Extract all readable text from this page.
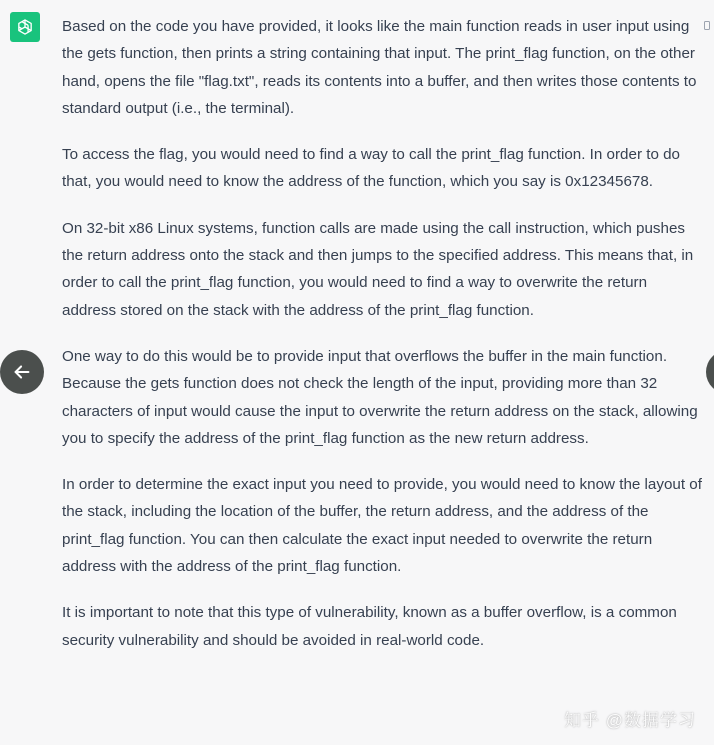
Based on the code you have provided, it looks like the main function reads in user input using the gets function, then prints a string containing that input. The print_flag function, on the other hand, opens the file "flag.txt", reads its contents into a buffer, and then writes those contents to standard output (i.e., the terminal).

To access the flag, you would need to find a way to call the print_flag function. In order to do that, you would need to know the address of the function, which you say is 0x12345678.

On 32-bit x86 Linux systems, function calls are made using the call instruction, which pushes the return address onto the stack and then jumps to the specified address. This means that, in order to call the print_flag function, you would need to find a way to overwrite the return address stored on the stack with the address of the print_flag function.

One way to do this would be to provide input that overflows the buffer in the main function. Because the gets function does not check the length of the input, providing more than 32 characters of input would cause the input to overwrite the return address on the stack, allowing you to specify the address of the print_flag function as the new return address.

In order to determine the exact input you need to provide, you would need to know the layout of the stack, including the location of the buffer, the return address, and the address of the print_flag function. You can then calculate the exact input needed to overwrite the return address with the address of the print_flag function.

It is important to note that this type of vulnerability, known as a buffer overflow, is a common security vulnerability and should be avoided in real-world code.

知乎 @数据学习
